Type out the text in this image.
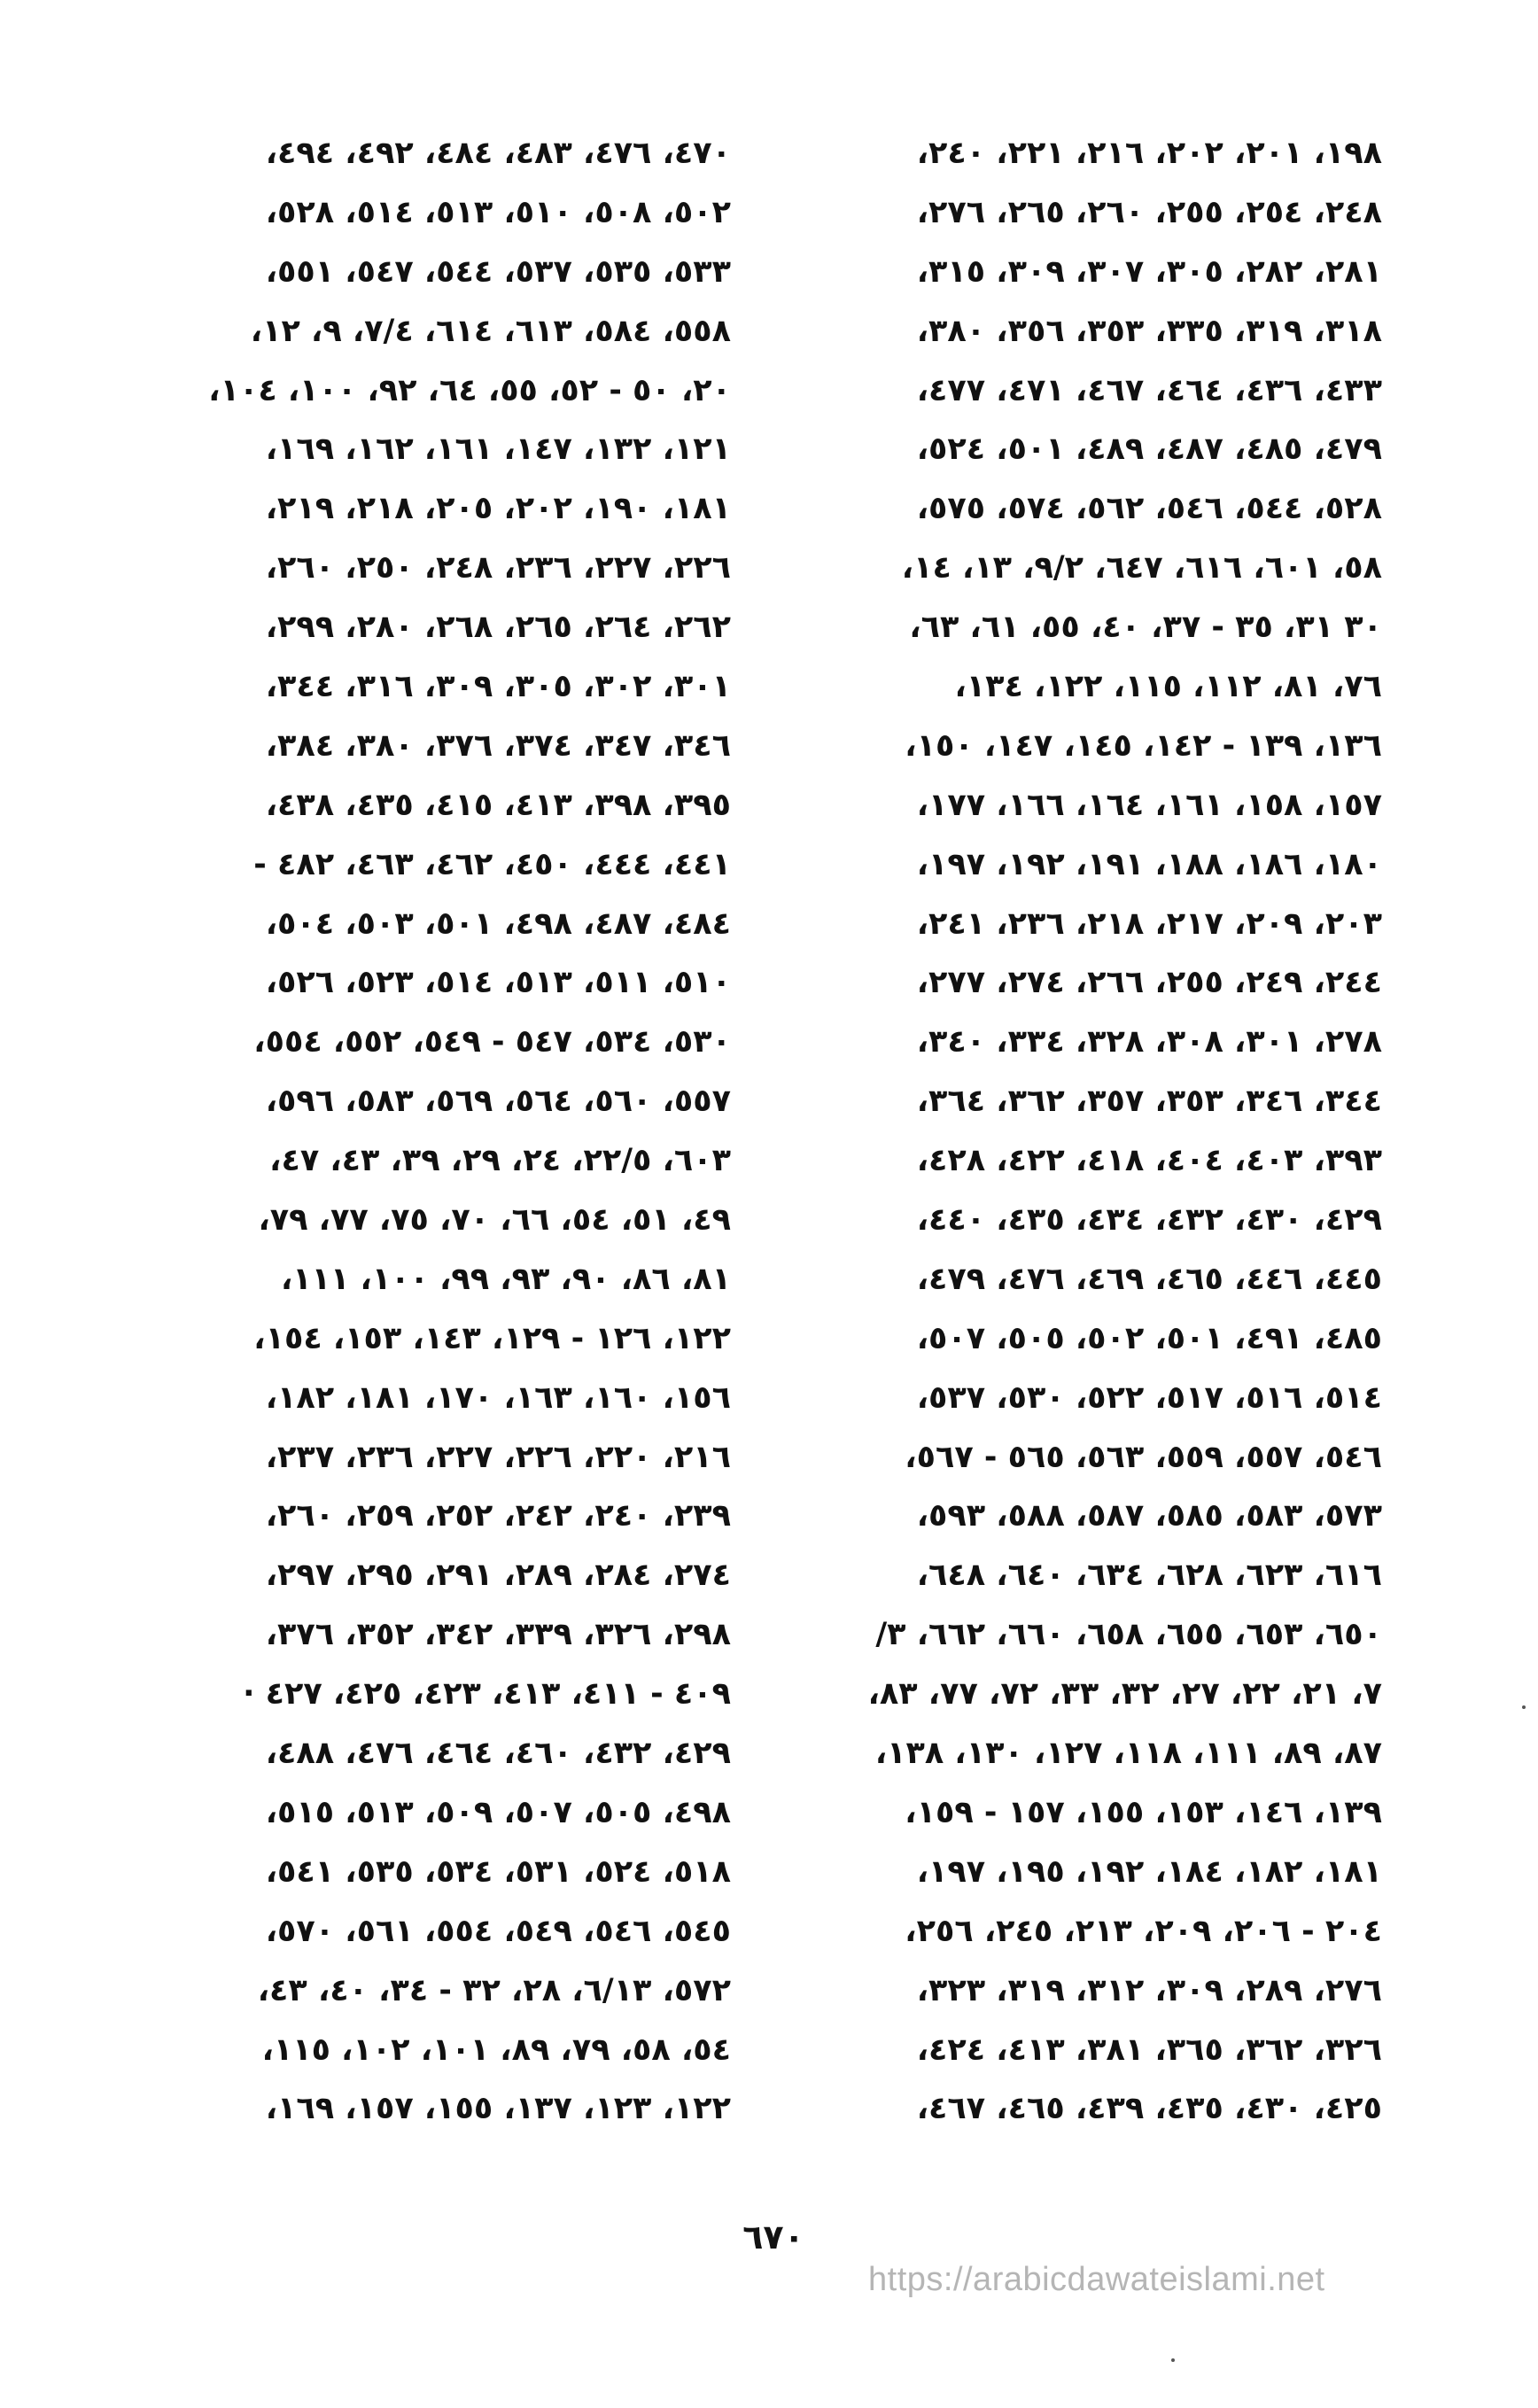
١٩٨، ٢٠١، ٢٠٢، ٢١٦، ٢٢١، ٢٤٠،
٢٤٨، ٢٥٤، ٢٥٥، ٢٦٠، ٢٦٥، ٢٧٦،
٢٨١، ٢٨٢، ٣٠٥، ٣٠٧، ٣٠٩، ٣١٥،
٣١٨، ٣١٩، ٣٣٥، ٣٥٣، ٣٥٦، ٣٨٠،
٤٣٣، ٤٣٦، ٤٦٤، ٤٦٧، ٤٧١، ٤٧٧،
٤٧٩، ٤٨٥، ٤٨٧، ٤٨٩، ٥٠١، ٥٢٤،
٥٢٨، ٥٤٤، ٥٤٦، ٥٦٢، ٥٧٤، ٥٧٥،
٥٨، ٦٠١، ٦١٦، ٦٤٧، ٩/٢، ١٣، ١٤،
٣٠ ٣١، ٣٥ - ٣٧، ٤٠، ٥٥، ٦١، ٦٣،
٧٦، ٨١، ١١٢، ١١٥، ١٢٢، ١٣٤،
١٣٦، ١٣٩ - ١٤٢، ١٤٥، ١٤٧، ١٥٠،
١٥٧، ١٥٨، ١٦١، ١٦٤، ١٦٦، ١٧٧،
١٨٠، ١٨٦، ١٨٨، ١٩١، ١٩٢، ١٩٧،
٢٠٣، ٢٠٩، ٢١٧، ٢١٨، ٢٣٦، ٢٤١،
٢٤٤، ٢٤٩، ٢٥٥، ٢٦٦، ٢٧٤، ٢٧٧،
٢٧٨، ٣٠١، ٣٠٨، ٣٢٨، ٣٣٤، ٣٤٠،
٣٤٤، ٣٤٦، ٣٥٣، ٣٥٧، ٣٦٢، ٣٦٤،
٣٩٣، ٤٠٣، ٤٠٤، ٤١٨، ٤٢٢، ٤٢٨،
٤٢٩، ٤٣٠، ٤٣٢، ٤٣٤، ٤٣٥، ٤٤٠،
٤٤٥، ٤٤٦، ٤٦٥، ٤٦٩، ٤٧٦، ٤٧٩،
٤٨٥، ٤٩١، ٥٠١، ٥٠٢، ٥٠٥، ٥٠٧،
٥١٤، ٥١٦، ٥١٧، ٥٢٢، ٥٣٠، ٥٣٧،
٥٤٦، ٥٥٧، ٥٥٩، ٥٦٣، ٥٦٥ - ٥٦٧،
٥٧٣، ٥٨٣، ٥٨٥، ٥٨٧، ٥٨٨، ٥٩٣،
٦١٦، ٦٢٣، ٦٢٨، ٦٣٤، ٦٤٠، ٦٤٨،
٦٥٠، ٦٥٣، ٦٥٥، ٦٥٨، ٦٦٠، ٦٦٢، ٣/
٧، ٢١، ٢٢، ٢٧، ٣٢، ٣٣، ٧٢، ٧٧، ٨٣،
٨٧، ٨٩، ١١١، ١١٨، ١٢٧، ١٣٠، ١٣٨،
١٣٩، ١٤٦، ١٥٣، ١٥٥، ١٥٧ - ١٥٩،
١٨١، ١٨٢، ١٨٤، ١٩٢، ١٩٥، ١٩٧،
٢٠٤ - ٢٠٦، ٢٠٩، ٢١٣، ٢٤٥، ٢٥٦،
٢٧٦، ٢٨٩، ٣٠٩، ٣١٢، ٣١٩، ٣٢٣،
٣٢٦، ٣٦٢، ٣٦٥، ٣٨١، ٤١٣، ٤٢٤،
٤٢٥، ٤٣٠، ٤٣٥، ٤٣٩، ٤٦٥، ٤٦٧،
٤٧٠، ٤٧٦، ٤٨٣، ٤٨٤، ٤٩٢، ٤٩٤،
٥٠٢، ٥٠٨، ٥١٠، ٥١٣، ٥١٤، ٥٢٨،
٥٣٣، ٥٣٥، ٥٣٧، ٥٤٤، ٥٤٧، ٥٥١،
٥٥٨، ٥٨٤، ٦١٣، ٦١٤، ٧/٤، ٩، ١٢،
٢٠، ٥٠ - ٥٢، ٥٥، ٦٤، ٩٢، ١٠٠، ١٠٤،
١٢١، ١٣٢، ١٤٧، ١٦١، ١٦٢، ١٦٩،
١٨١، ١٩٠، ٢٠٢، ٢٠٥، ٢١٨، ٢١٩،
٢٢٦، ٢٢٧، ٢٣٦، ٢٤٨، ٢٥٠، ٢٦٠،
٢٦٢، ٢٦٤، ٢٦٥، ٢٦٨، ٢٨٠، ٢٩٩،
٣٠١، ٣٠٢، ٣٠٥، ٣٠٩، ٣١٦، ٣٤٤،
٣٤٦، ٣٤٧، ٣٧٤، ٣٧٦، ٣٨٠، ٣٨٤،
٣٩٥، ٣٩٨، ٤١٣، ٤١٥، ٤٣٥، ٤٣٨،
٤٤١، ٤٤٤، ٤٥٠، ٤٦٢، ٤٦٣، ٤٨٢ -
٤٨٤، ٤٨٧، ٤٩٨، ٥٠١، ٥٠٣، ٥٠٤،
٥١٠، ٥١١، ٥١٣، ٥١٤، ٥٢٣، ٥٢٦،
٥٣٠، ٥٣٤، ٥٤٧ - ٥٤٩، ٥٥٢، ٥٥٤،
٥٥٧، ٥٦٠، ٥٦٤، ٥٦٩، ٥٨٣، ٥٩٦،
٦٠٣، ٢٢/٥، ٢٤، ٢٩، ٣٩، ٤٣، ٤٧،
٤٩، ٥١، ٥٤، ٦٦، ٧٠، ٧٥، ٧٧، ٧٩،
٨١، ٨٦، ٩٠، ٩٣، ٩٩، ١٠٠، ١١١،
١٢٢، ١٢٦ - ١٢٩، ١٤٣، ١٥٣، ١٥٤،
١٥٦، ١٦٠، ١٦٣، ١٧٠، ١٨١، ١٨٢،
٢١٦، ٢٢٠، ٢٢٦، ٢٢٧، ٢٣٦، ٢٣٧،
٢٣٩، ٢٤٠، ٢٤٢، ٢٥٢، ٢٥٩، ٢٦٠،
٢٧٤، ٢٨٤، ٢٨٩، ٢٩١، ٢٩٥، ٢٩٧،
٢٩٨، ٣٢٦، ٣٣٩، ٣٤٢، ٣٥٢، ٣٧٦،
٤٠٩ - ٤١١، ٤١٣، ٤٢٣، ٤٢٥، ٤٢٧ ·
٤٢٩، ٤٣٢، ٤٦٠، ٤٦٤، ٤٧٦، ٤٨٨،
٤٩٨، ٥٠٥، ٥٠٧، ٥٠٩، ٥١٣، ٥١٥،
٥١٨، ٥٢٤، ٥٣١، ٥٣٤، ٥٣٥، ٥٤١،
٥٤٥، ٥٤٦، ٥٤٩، ٥٥٤، ٥٦١، ٥٧٠،
٥٧٢، ٦/١٣، ٢٨، ٣٢ - ٣٤، ٤٠، ٤٣،
٥٤، ٥٨، ٧٩، ٨٩، ١٠١، ١٠٢، ١١٥،
١٢٢، ١٢٣، ١٣٧، ١٥٥، ١٥٧، ١٦٩،
٦٧٠
https://arabicdawateislami.net
